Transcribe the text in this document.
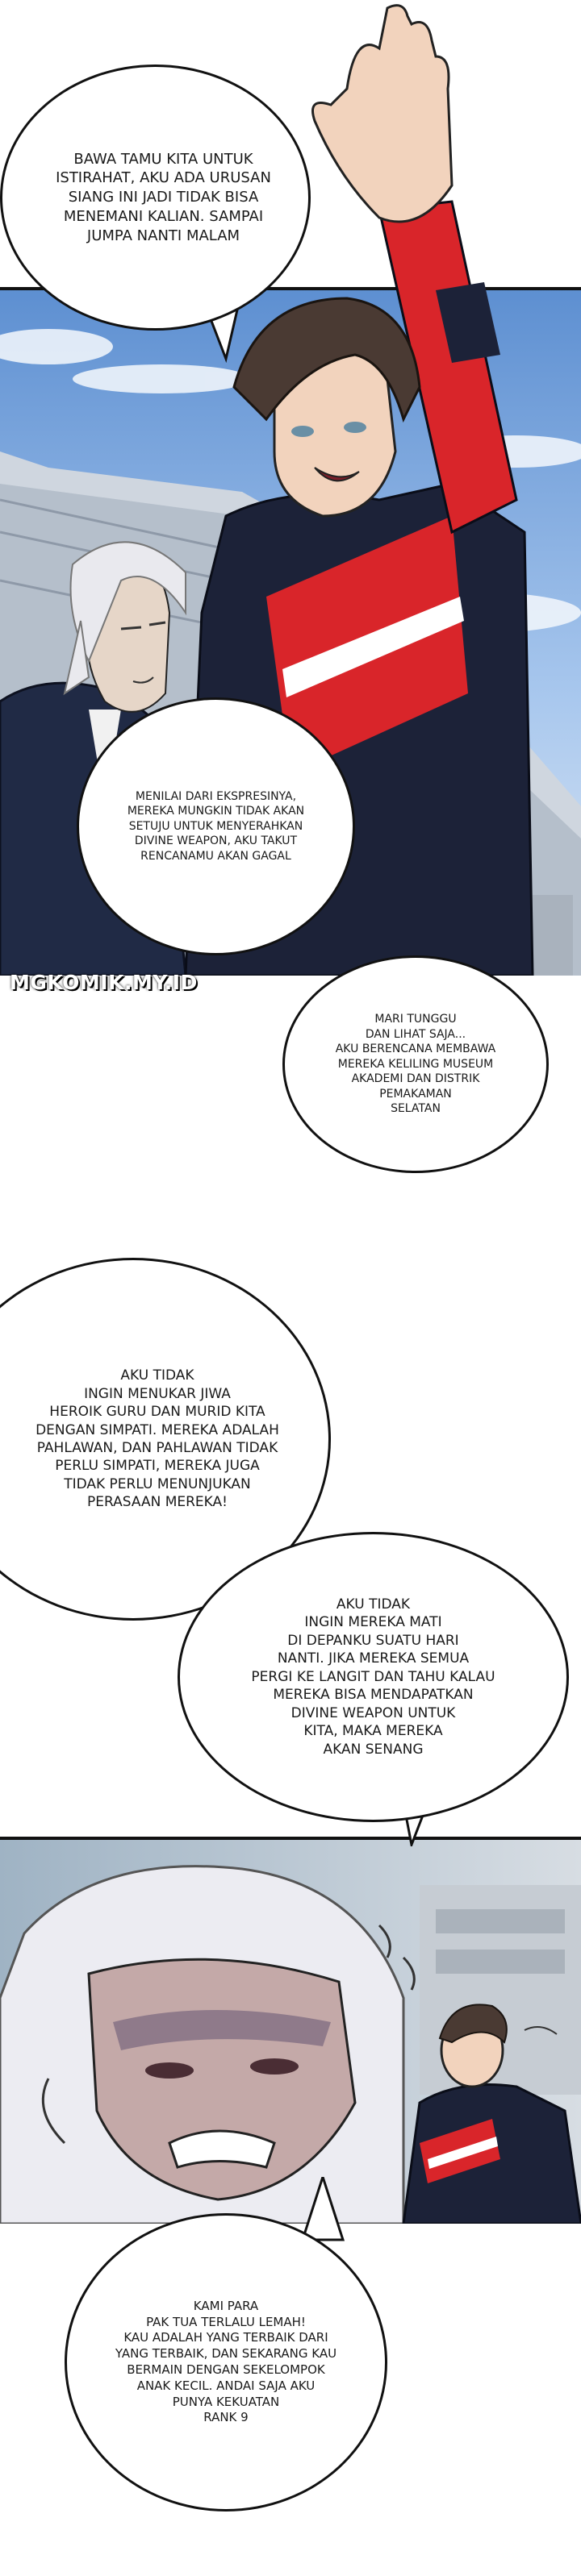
BAWA TAMU KITA UNTUK
ISTIRAHAT, AKU ADA URUSAN
SIANG INI JADI TIDAK BISA
MENEMANI KALIAN. SAMPAI
JUMPA NANTI MALAM

MENILAI DARI EKSPRESINYA,
MEREKA MUNGKIN TIDAK AKAN
SETUJU UNTUK MENYERAHKAN
DIVINE WEAPON, AKU TAKUT
RENCANAMU AKAN GAGAL

MGKOMIK.MY.ID

MARI TUNGGU
DAN LIHAT SAJA...
AKU BERENCANA MEMBAWA
MEREKA KELILING MUSEUM
AKADEMI DAN DISTRIK
PEMAKAMAN
SELATAN

AKU TIDAK
INGIN MENUKAR JIWA
HEROIK GURU DAN MURID KITA
DENGAN SIMPATI. MEREKA ADALAH
PAHLAWAN, DAN PAHLAWAN TIDAK
PERLU SIMPATI, MEREKA JUGA
TIDAK PERLU MENUNJUKAN
PERASAAN MEREKA!

AKU TIDAK
INGIN MEREKA MATI
DI DEPANKU SUATU HARI
NANTI. JIKA MEREKA SEMUA
PERGI KE LANGIT DAN TAHU KALAU
MEREKA BISA MENDAPATKAN
DIVINE WEAPON UNTUK
KITA, MAKA MEREKA
AKAN SENANG

KAMI PARA
PAK TUA TERLALU LEMAH!
KAU ADALAH YANG TERBAIK DARI
YANG TERBAIK, DAN SEKARANG KAU
BERMAIN DENGAN SEKELOMPOK
ANAK KECIL. ANDAI SAJA AKU
PUNYA KEKUATAN
RANK 9
